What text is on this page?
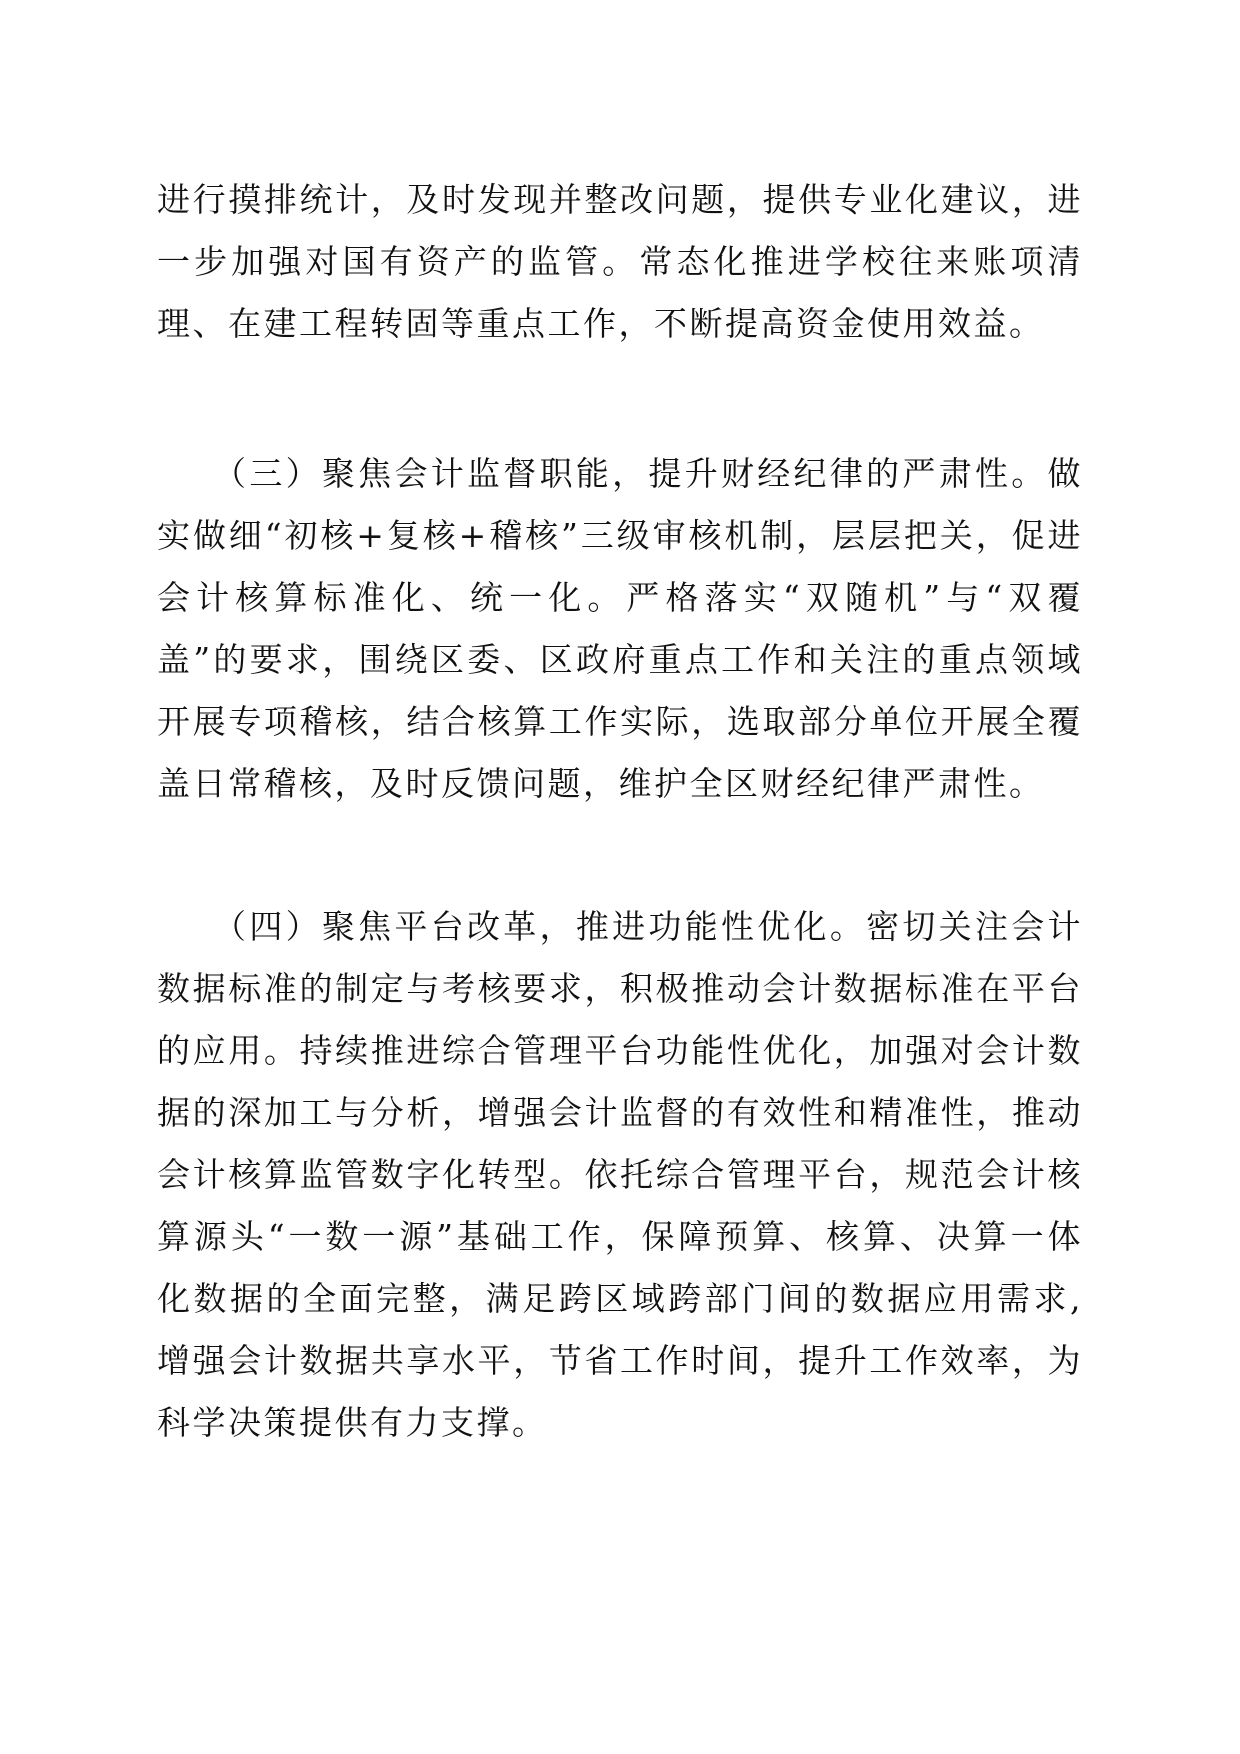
进行摸排统计，及时发现并整改问题，提供专业化建议，进一步加强对国有资产的监管。常态化推进学校往来账项清理、在建工程转固等重点工作，不断提高资金使用效益。

　　（三）聚焦会计监督职能，提升财经纪律的严肃性。做实做细“初核+复核+稽核”三级审核机制，层层把关，促进会计核算标准化、统一化。严格落实“双随机”与“双覆盖”的要求，围绕区委、区政府重点工作和关注的重点领域开展专项稽核，结合核算工作实际，选取部分单位开展全覆盖日常稽核，及时反馈问题，维护全区财经纪律严肃性。

　　（四）聚焦平台改革，推进功能性优化。密切关注会计数据标准的制定与考核要求，积极推动会计数据标准在平台的应用。持续推进综合管理平台功能性优化，加强对会计数据的深加工与分析，增强会计监督的有效性和精准性，推动会计核算监管数字化转型。依托综合管理平台，规范会计核算源头“一数一源”基础工作，保障预算、核算、决算一体化数据的全面完整，满足跨区域跨部门间的数据应用需求,增强会计数据共享水平，节省工作时间，提升工作效率，为科学决策提供有力支撑。
